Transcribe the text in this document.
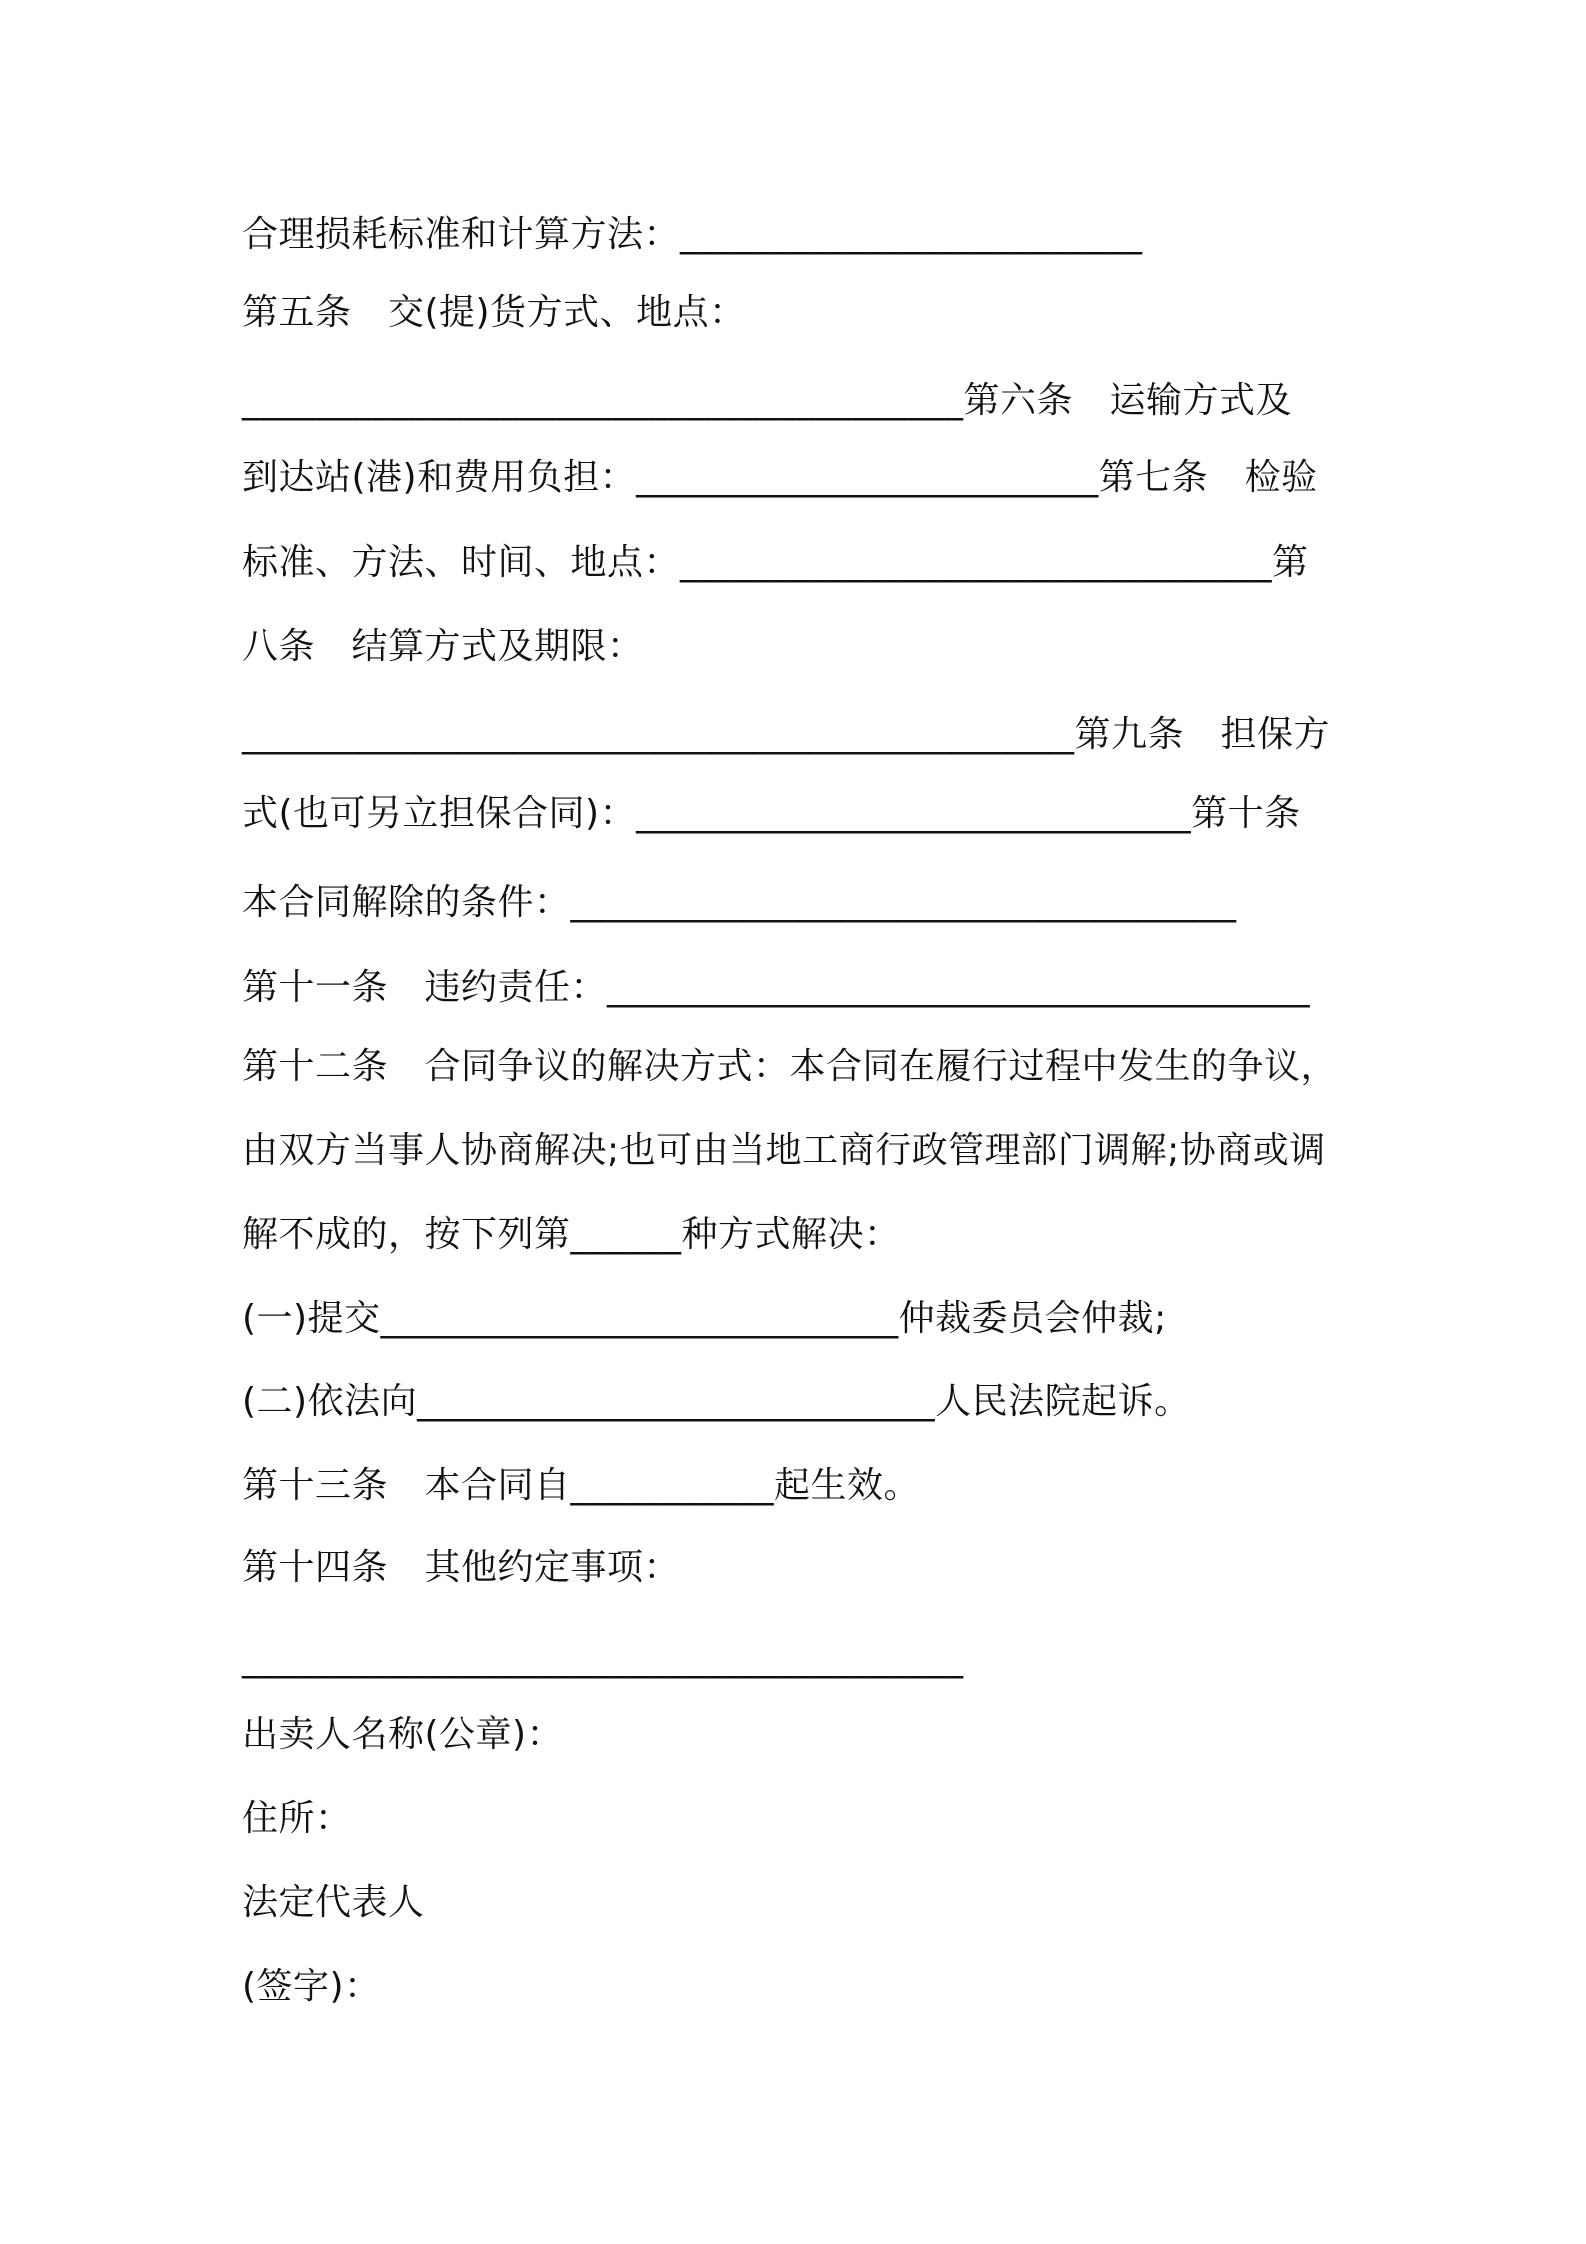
合理损耗标准和计算方法：_________________________
第五条　交(提)货方式、地点：
_______________________________________第六条　运输方式及
到达站(港)和费用负担：_________________________第七条　检验
标准、方法、时间、地点：________________________________第
八条　结算方式及期限：
_____________________________________________第九条　担保方
式(也可另立担保合同)：______________________________第十条
本合同解除的条件：____________________________________
第十一条　违约责任：______________________________________
第十二条　合同争议的解决方式：本合同在履行过程中发生的争议，
由双方当事人协商解决;也可由当地工商行政管理部门调解;协商或调
解不成的，按下列第______种方式解决：
(一)提交____________________________仲裁委员会仲裁;
(二)依法向____________________________人民法院起诉。
第十三条　本合同自___________起生效。
第十四条　其他约定事项：
_______________________________________
出卖人名称(公章)：
住所：
法定代表人
(签字)：
